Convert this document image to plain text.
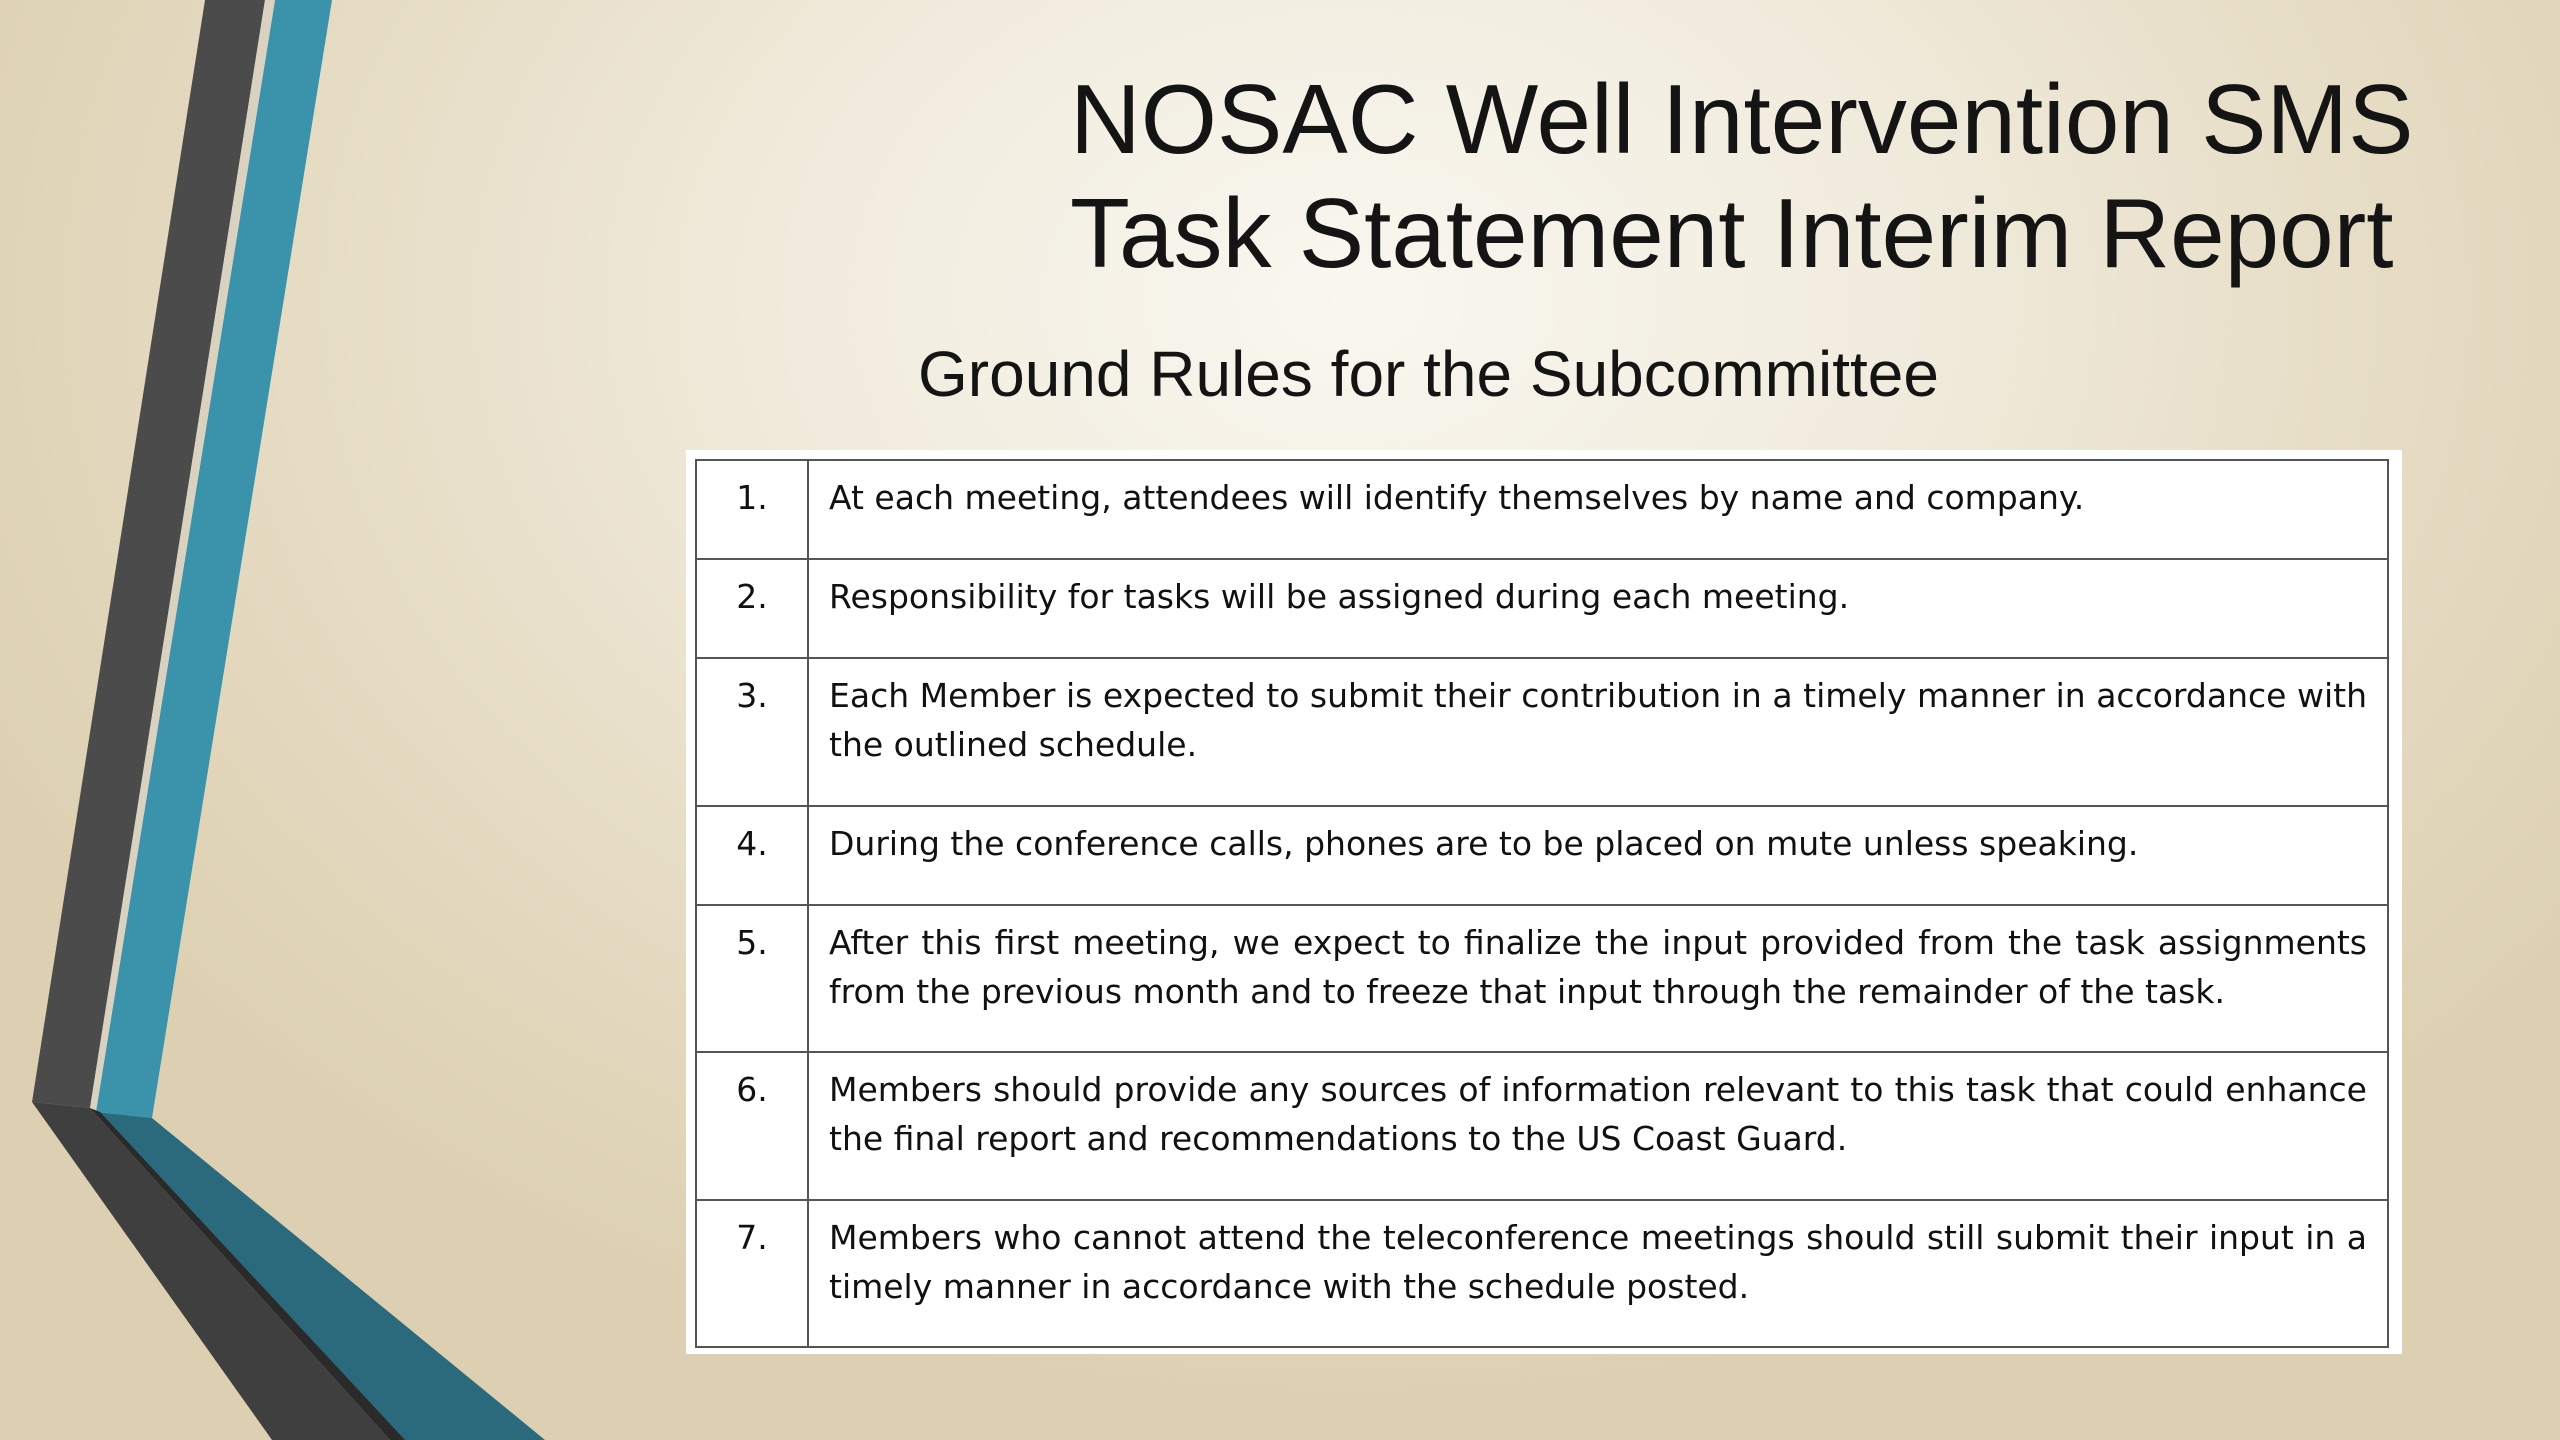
NOSAC Well Intervention SMS
Task Statement Interim Report
Ground Rules for the Subcommittee
1.	At each meeting, attendees will identify themselves by name and company.
2.	Responsibility for tasks will be assigned during each meeting.
3.	Each Member is expected to submit their contribution in a timely manner in accordance with the outlined schedule.
4.	During the conference calls, phones are to be placed on mute unless speaking.
5.	After this first meeting, we expect to finalize the input provided from the task assignments from the previous month and to freeze that input through the remainder of the task.
6.	Members should provide any sources of information relevant to this task that could enhance the final report and recommendations to the US Coast Guard.
7.	Members who cannot attend the teleconference meetings should still submit their input in a timely manner in accordance with the schedule posted.
